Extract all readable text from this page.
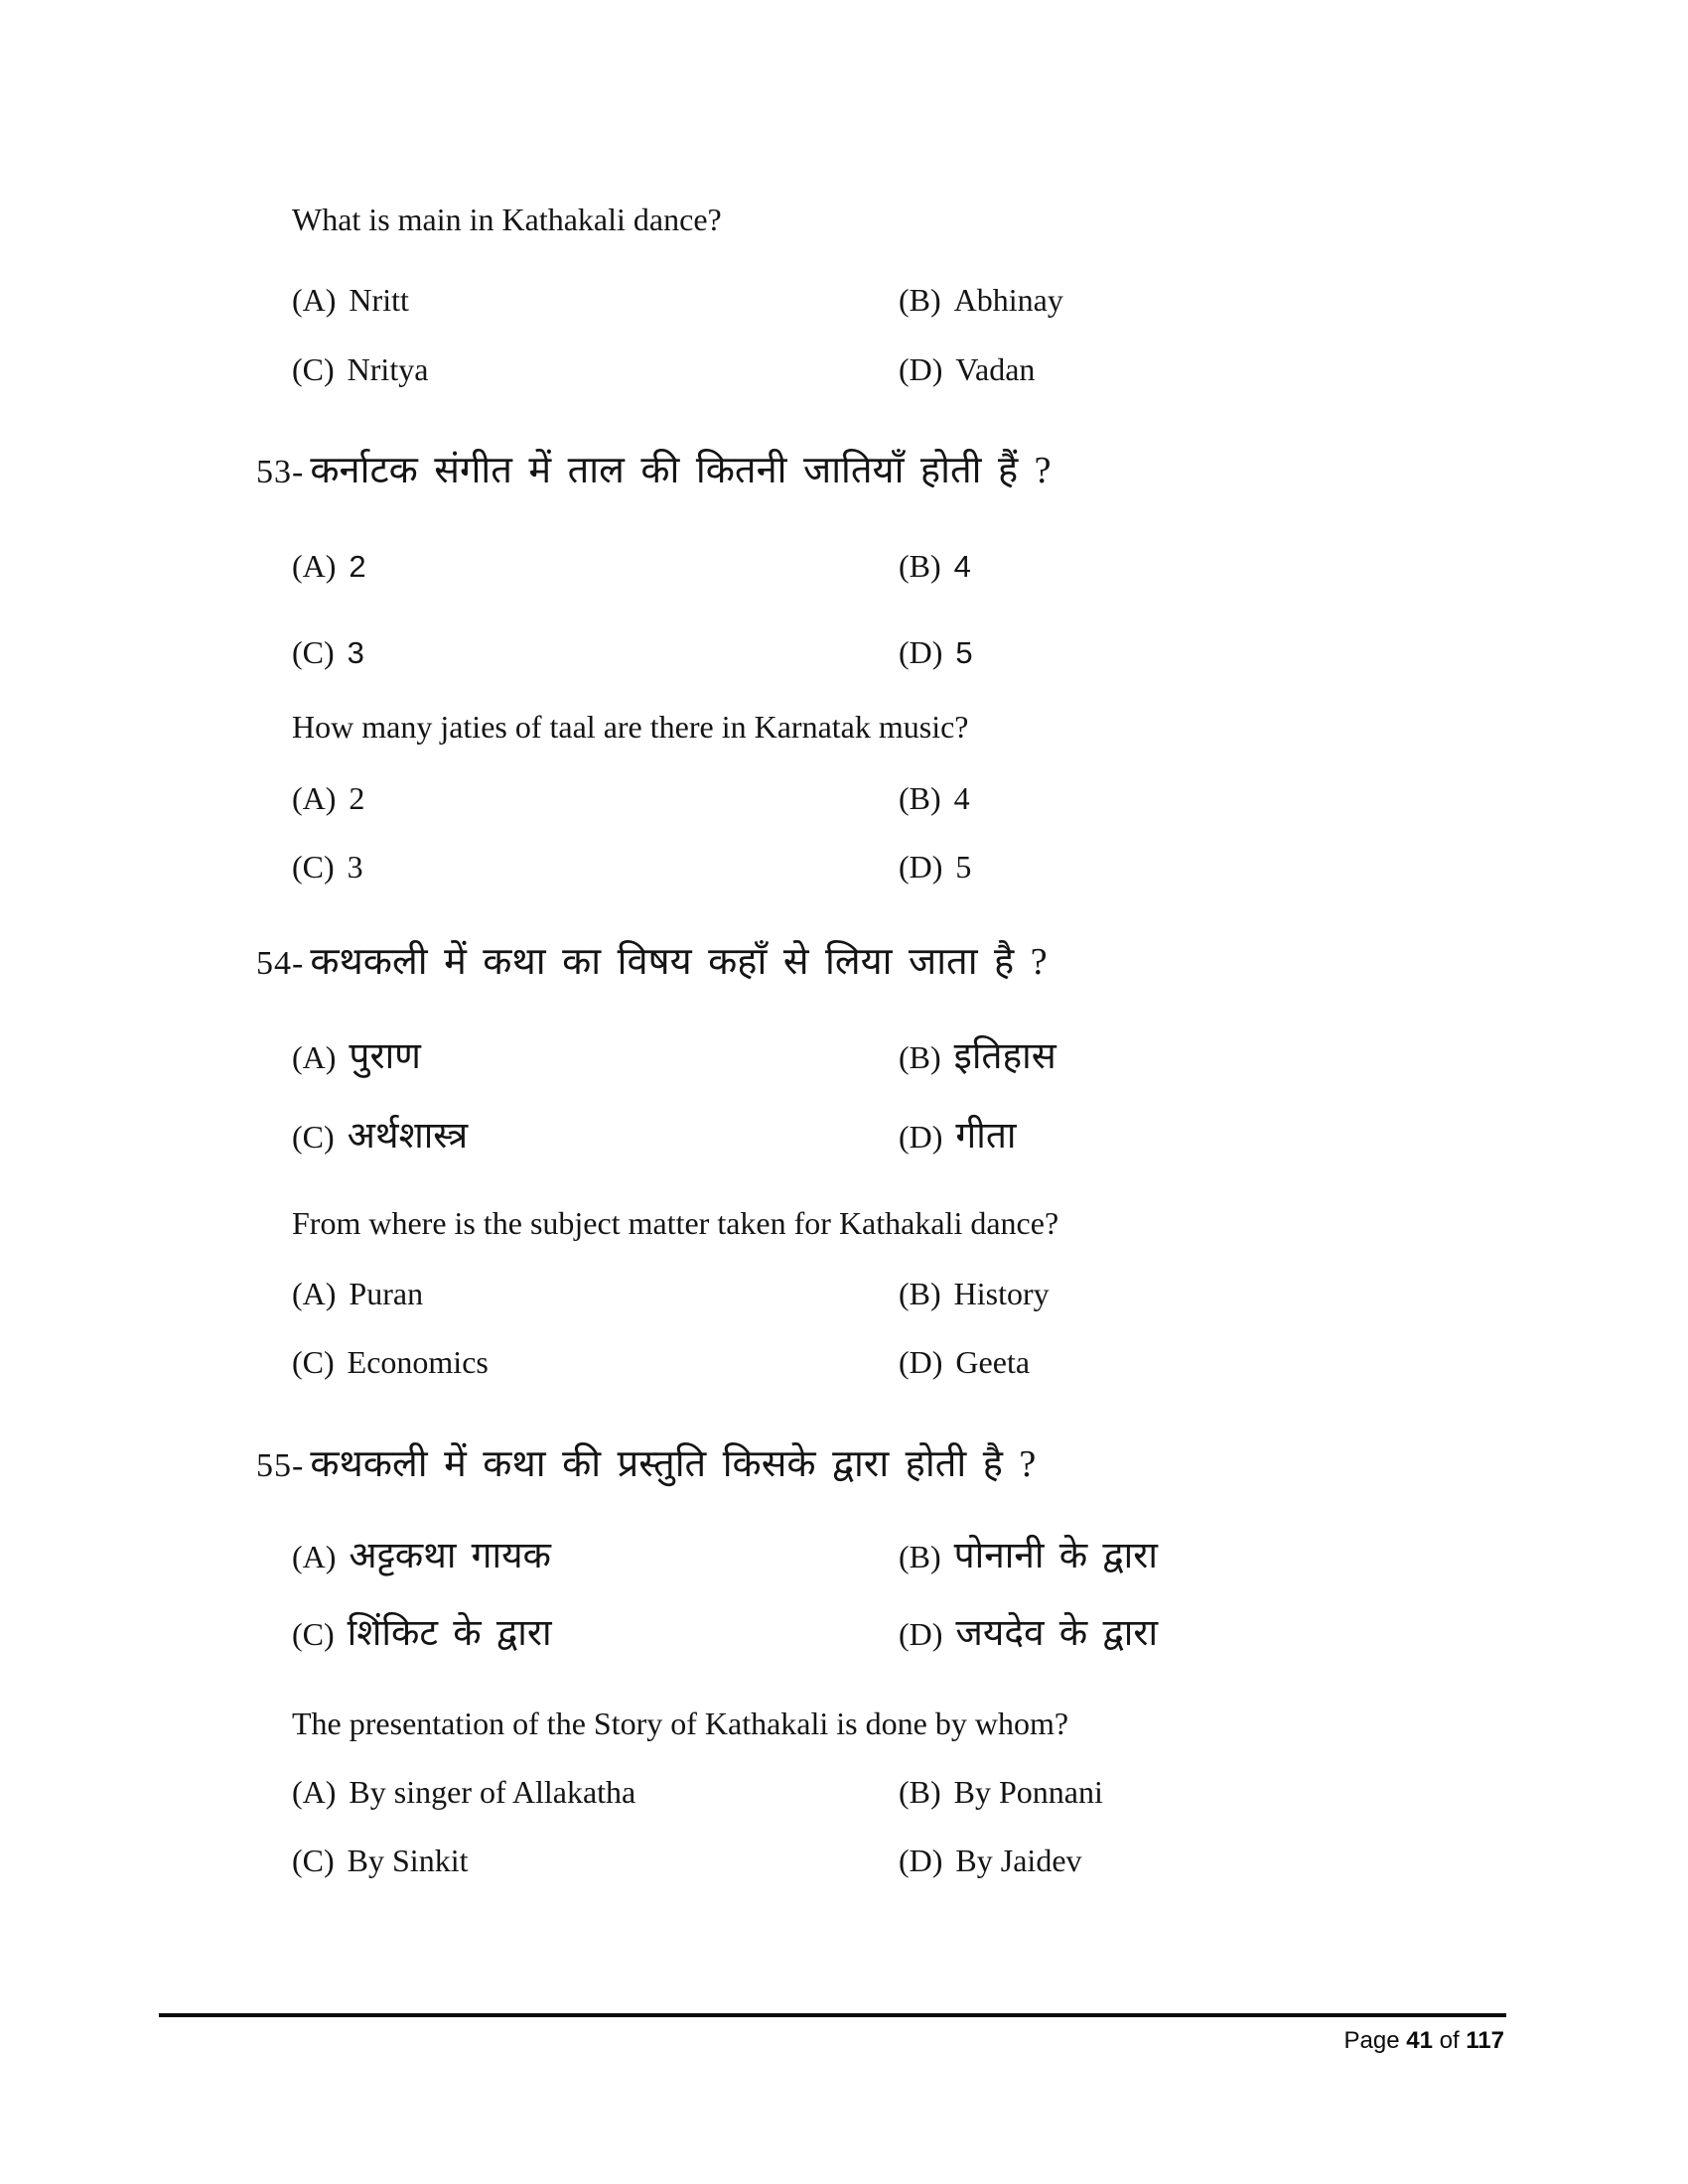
What is main in Kathakali dance?
(A) Nritt	(B) Abhinay
(C) Nritya	(D) Vadan
53- कर्नाटक संगीत में ताल की कितनी जातियाँ होती हैं ?
(A) 2	(B) 4
(C) 3	(D) 5
How many jaties of taal are there in Karnatak music?
(A) 2	(B) 4
(C) 3	(D) 5
54- कथकली में कथा का विषय कहाँ से लिया जाता है ?
(A) पुराण	(B) इतिहास
(C) अर्थशास्त्र	(D) गीता
From where is the subject matter taken for Kathakali dance?
(A) Puran	(B) History
(C) Economics	(D) Geeta
55- कथकली में कथा की प्रस्तुति किसके द्वारा होती है ?
(A) अट्टकथा गायक	(B) पोनानी के द्वारा
(C) शिंकिट के द्वारा	(D) जयदेव के द्वारा
The presentation of the Story of Kathakali is done by whom?
(A) By singer of Allakatha	(B) By Ponnani
(C) By Sinkit	(D) By Jaidev
Page 41 of 117
